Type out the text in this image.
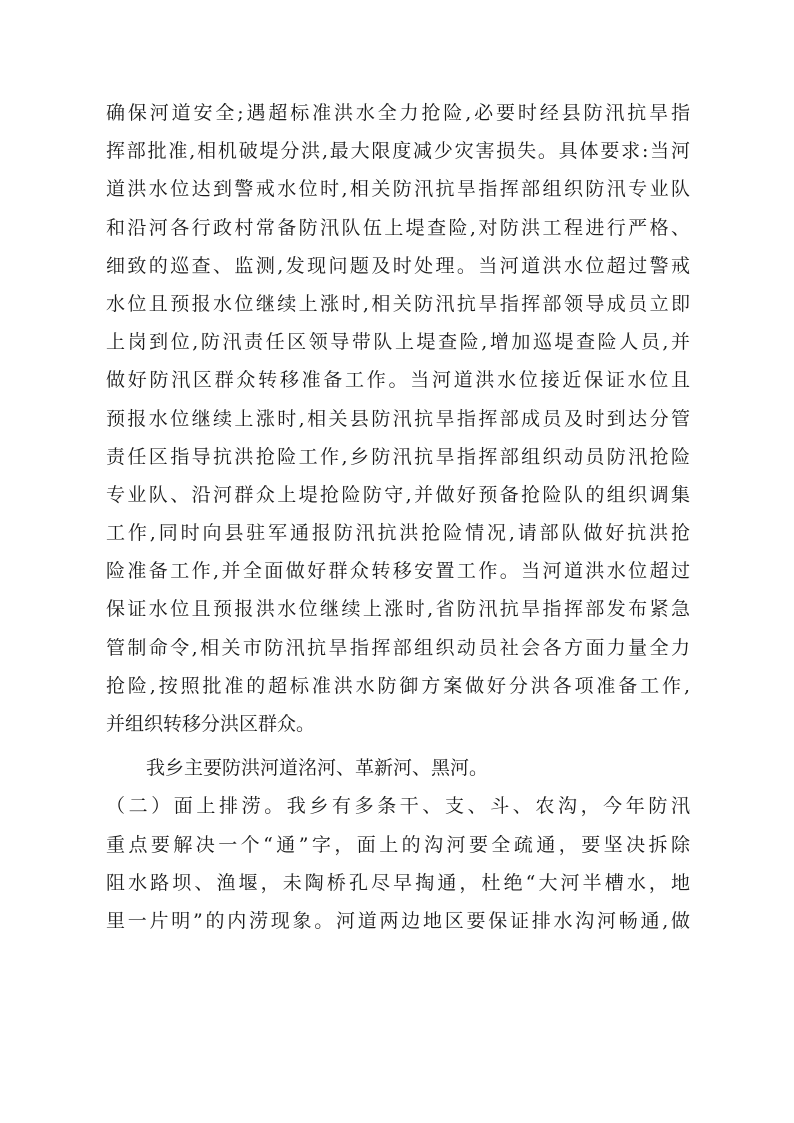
确保河道安全;遇超标准洪水全力抢险,必要时经县防汛抗旱指
挥部批准,相机破堤分洪,最大限度减少灾害损失。具体要求:当河
道洪水位达到警戒水位时,相关防汛抗旱指挥部组织防汛专业队
和沿河各行政村常备防汛队伍上堤查险,对防洪工程进行严格、
细致的巡查、监测,发现问题及时处理。当河道洪水位超过警戒
水位且预报水位继续上涨时,相关防汛抗旱指挥部领导成员立即
上岗到位,防汛责任区领导带队上堤查险,增加巡堤查险人员,并
做好防汛区群众转移准备工作。当河道洪水位接近保证水位且
预报水位继续上涨时,相关县防汛抗旱指挥部成员及时到达分管
责任区指导抗洪抢险工作,乡防汛抗旱指挥部组织动员防汛抢险
专业队、沿河群众上堤抢险防守,并做好预备抢险队的组织调集
工作,同时向县驻军通报防汛抗洪抢险情况,请部队做好抗洪抢
险准备工作,并全面做好群众转移安置工作。当河道洪水位超过
保证水位且预报洪水位继续上涨时,省防汛抗旱指挥部发布紧急
管制命令,相关市防汛抗旱指挥部组织动员社会各方面力量全力
抢险,按照批准的超标准洪水防御方案做好分洪各项准备工作,
并组织转移分洪区群众。
我乡主要防洪河道洺河、革新河、黑河。
（二）面上排涝。我乡有多条干、支、斗、农沟，今年防汛
重点要解决一个“通”字，面上的沟河要全疏通，要坚决拆除
阻水路坝、渔堰，未陶桥孔尽早掏通，杜绝“大河半槽水，地
里一片明”的内涝现象。河道两边地区要保证排水沟河畅通,做
